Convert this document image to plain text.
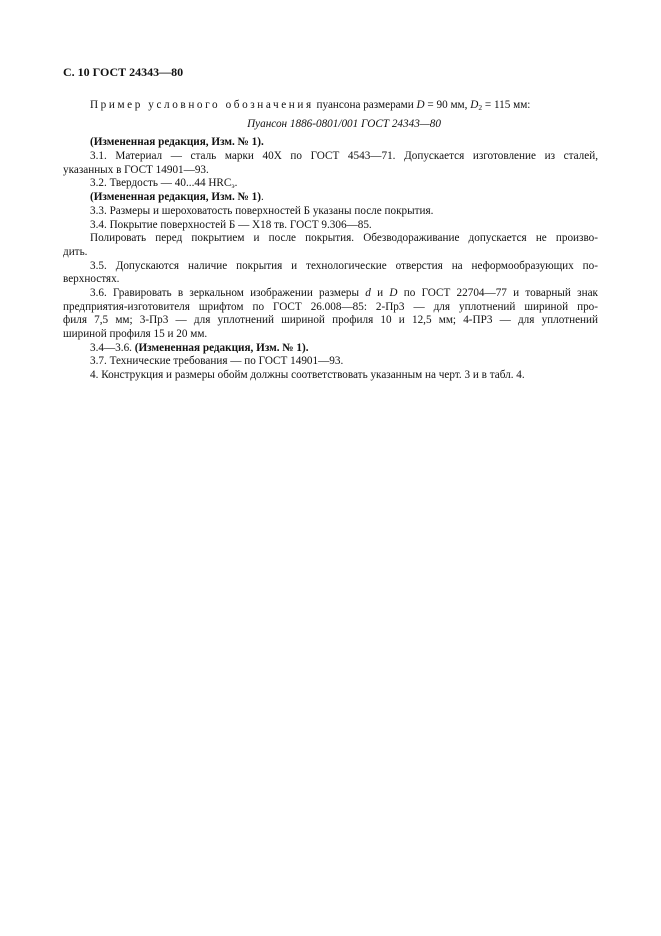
С. 10 ГОСТ 24343—80
Пример условного обозначения пуансона размерами D = 90 мм, $D_2 = 115$ мм:
Пуансон 1886-0801/001 ГОСТ 24343—80
(Измененная редакция, Изм. № 1).
3.1. Материал — сталь марки 40Х по ГОСТ 4543—71. Допускается изготовление из сталей,
указанных в ГОСТ 14901—93.
3.2. Твердость — 40...44 $HRC_э$.
(Измененная редакция, Изм. № 1).
3.3. Размеры и шероховатость поверхностей Б указаны после покрытия.
3.4. Покрытие поверхностей Б — Х18 тв. ГОСТ 9.306—85.
Полировать перед покрытием и после покрытия. Обезводораживание допускается не произво-
дить.
3.5. Допускаются наличие покрытия и технологические отверстия на неформообразующих по-
верхностях.
3.6. Гравировать в зеркальном изображении размеры d и D по ГОСТ 22704—77 и товарный знак
предприятия-изготовителя шрифтом по ГОСТ 26.008—85: 2-Пр3 — для уплотнений шириной про-
филя 7,5 мм; 3-Пр3 — для уплотнений шириной профиля 10 и 12,5 мм; 4-ПР3 — для уплотнений
шириной профиля 15 и 20 мм.
3.4—3.6. (Измененная редакция, Изм. № 1).
3.7. Технические требования — по ГОСТ 14901—93.
4. Конструкция и размеры обойм должны соответствовать указанным на черт. 3 и в табл. 4.
